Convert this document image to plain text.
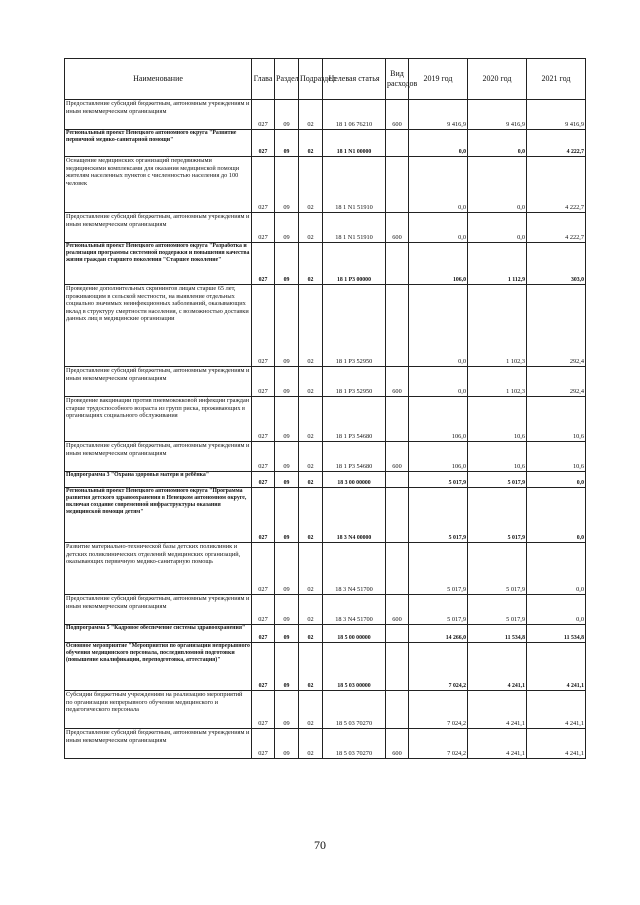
Наименование	Глава	Раздел	Подраздел	Целевая статья	Вид расходов	2019 год	2020 год	2021 год
Предоставление субсидий бюджетным, автономным учреждениям и иным некоммерческим организациям	027	09	02	18 1 06 76210	600	9 416,9	9 416,9	9 416,9
Региональный проект Ненецкого автономного округа "Развитие первичной медико-санитарной помощи"	027	09	02	18 1 N1 00000		0,0	0,0	4 222,7
Оснащение медицинских организаций передвижными медицинскими комплексами для оказания медицинской помощи жителям населенных пунктов с численностью населения до 100 человек	027	09	02	18 1 N1 51910		0,0	0,0	4 222,7
Предоставление субсидий бюджетным, автономным учреждениям и иным некоммерческим организациям	027	09	02	18 1 N1 51910	600	0,0	0,0	4 222,7
Региональный проект Ненецкого автономного округа "Разработка и реализация программы системной поддержки и повышения качества жизни граждан старшего поколения "Старшее поколение"	027	09	02	18 1 P3 00000		106,0	1 112,9	303,0
Проведение дополнительных скринингов лицам старше 65 лет, проживающим в сельской местности, на выявление отдельных социально значимых неинфекционных заболеваний, оказывающих вклад в структуру смертности населения, с возможностью доставки данных лиц в медицинские организации	027	09	02	18 1 P3 52950		0,0	1 102,3	292,4
Предоставление субсидий бюджетным, автономным учреждениям и иным некоммерческим организациям	027	09	02	18 1 P3 52950	600	0,0	1 102,3	292,4
Проведение вакцинации против пневмококковой инфекции граждан старше трудоспособного возраста из групп риска, проживающих в организациях социального обслуживания	027	09	02	18 1 P3 54680		106,0	10,6	10,6
Предоставление субсидий бюджетным, автономным учреждениям и иным некоммерческим организациям	027	09	02	18 1 P3 54680	600	106,0	10,6	10,6
Подпрограмма 3 "Охрана здоровья матери и ребёнка"	027	09	02	18 3 00 00000		5 017,9	5 017,9	0,0
Региональный проект Ненецкого автономного округа "Программа развития детского здравоохранения в Ненецком автономном округе, включая создание современной инфраструктуры оказания медицинской помощи детям"	027	09	02	18 3 N4 00000		5 017,9	5 017,9	0,0
Развитие материально-технической базы детских поликлиник и детских поликлинических отделений медицинских организаций, оказывающих первичную медико-санитарную помощь	027	09	02	18 3 N4 51700		5 017,9	5 017,9	0,0
Предоставление субсидий бюджетным, автономным учреждениям и иным некоммерческим организациям	027	09	02	18 3 N4 51700	600	5 017,9	5 017,9	0,0
Подпрограмма 5 "Кадровое обеспечение системы здравоохранения"	027	09	02	18 5 00 00000		14 266,0	11 534,8	11 534,8
Основное мероприятие "Мероприятия по организации непрерывного обучения медицинского персонала, последипломной подготовки (повышение квалификации, переподготовка, аттестация)"	027	09	02	18 5 03 00000		7 024,2	4 241,1	4 241,1
Субсидии бюджетным учреждениям на реализацию мероприятий по организации непрерывного обучения медицинского и педагогического персонала	027	09	02	18 5 03 70270		7 024,2	4 241,1	4 241,1
Предоставление субсидий бюджетным, автономным учреждениям и иным некоммерческим организациям	027	09	02	18 5 03 70270	600	7 024,2	4 241,1	4 241,1
70
